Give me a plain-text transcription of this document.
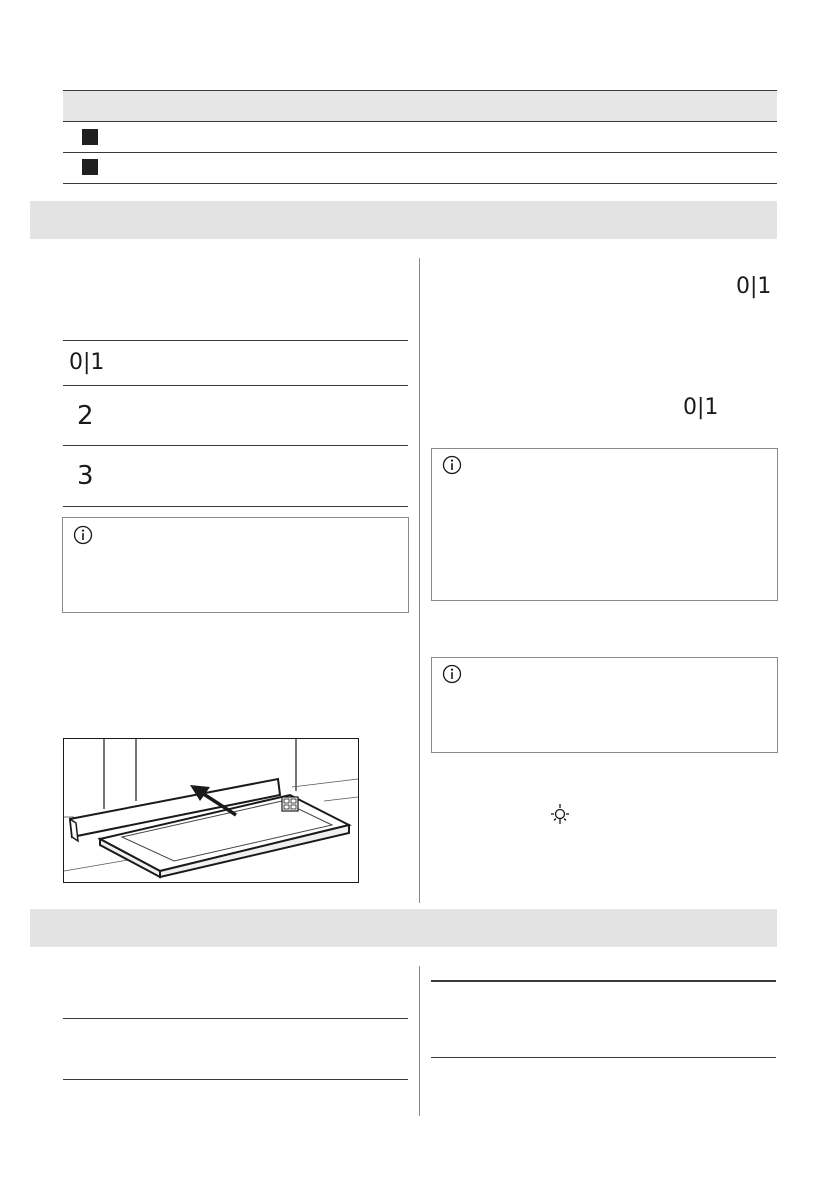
0|1
2
3
0|1
0|1
